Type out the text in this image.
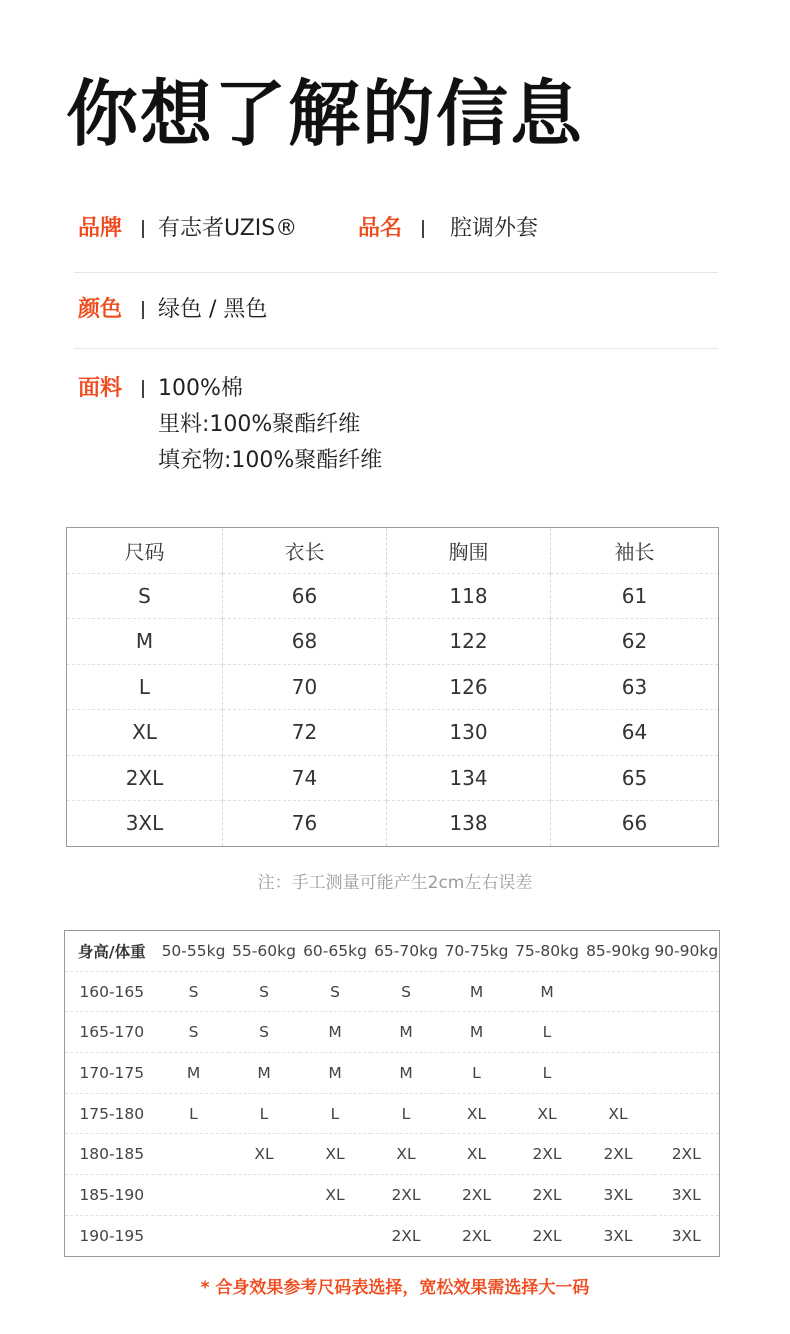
你想了解的信息
品牌	有志者UZIS®	品名	腔调外套
颜色	绿色 / 黑色
面料	100%棉
里料:100%聚酯纤维
填充物:100%聚酯纤维
尺码	衣长	胸围	袖长
S	66	118	61
M	68	122	62
L	70	126	63
XL	72	130	64
2XL	74	134	65
3XL	76	138	66
注：手工测量可能产生2cm左右误差
身高/体重	50-55kg	55-60kg	60-65kg	65-70kg	70-75kg	75-80kg	85-90kg	90-90kg
160-165	S	S	S	S	M	M		
165-170	S	S	M	M	M	L		
170-175	M	M	M	M	L	L		
175-180	L	L	L	L	XL	XL	XL	
180-185		XL	XL	XL	XL	2XL	2XL	2XL
185-190			XL	2XL	2XL	2XL	3XL	3XL
190-195				2XL	2XL	2XL	3XL	3XL
* 合身效果参考尺码表选择，宽松效果需选择大一码
